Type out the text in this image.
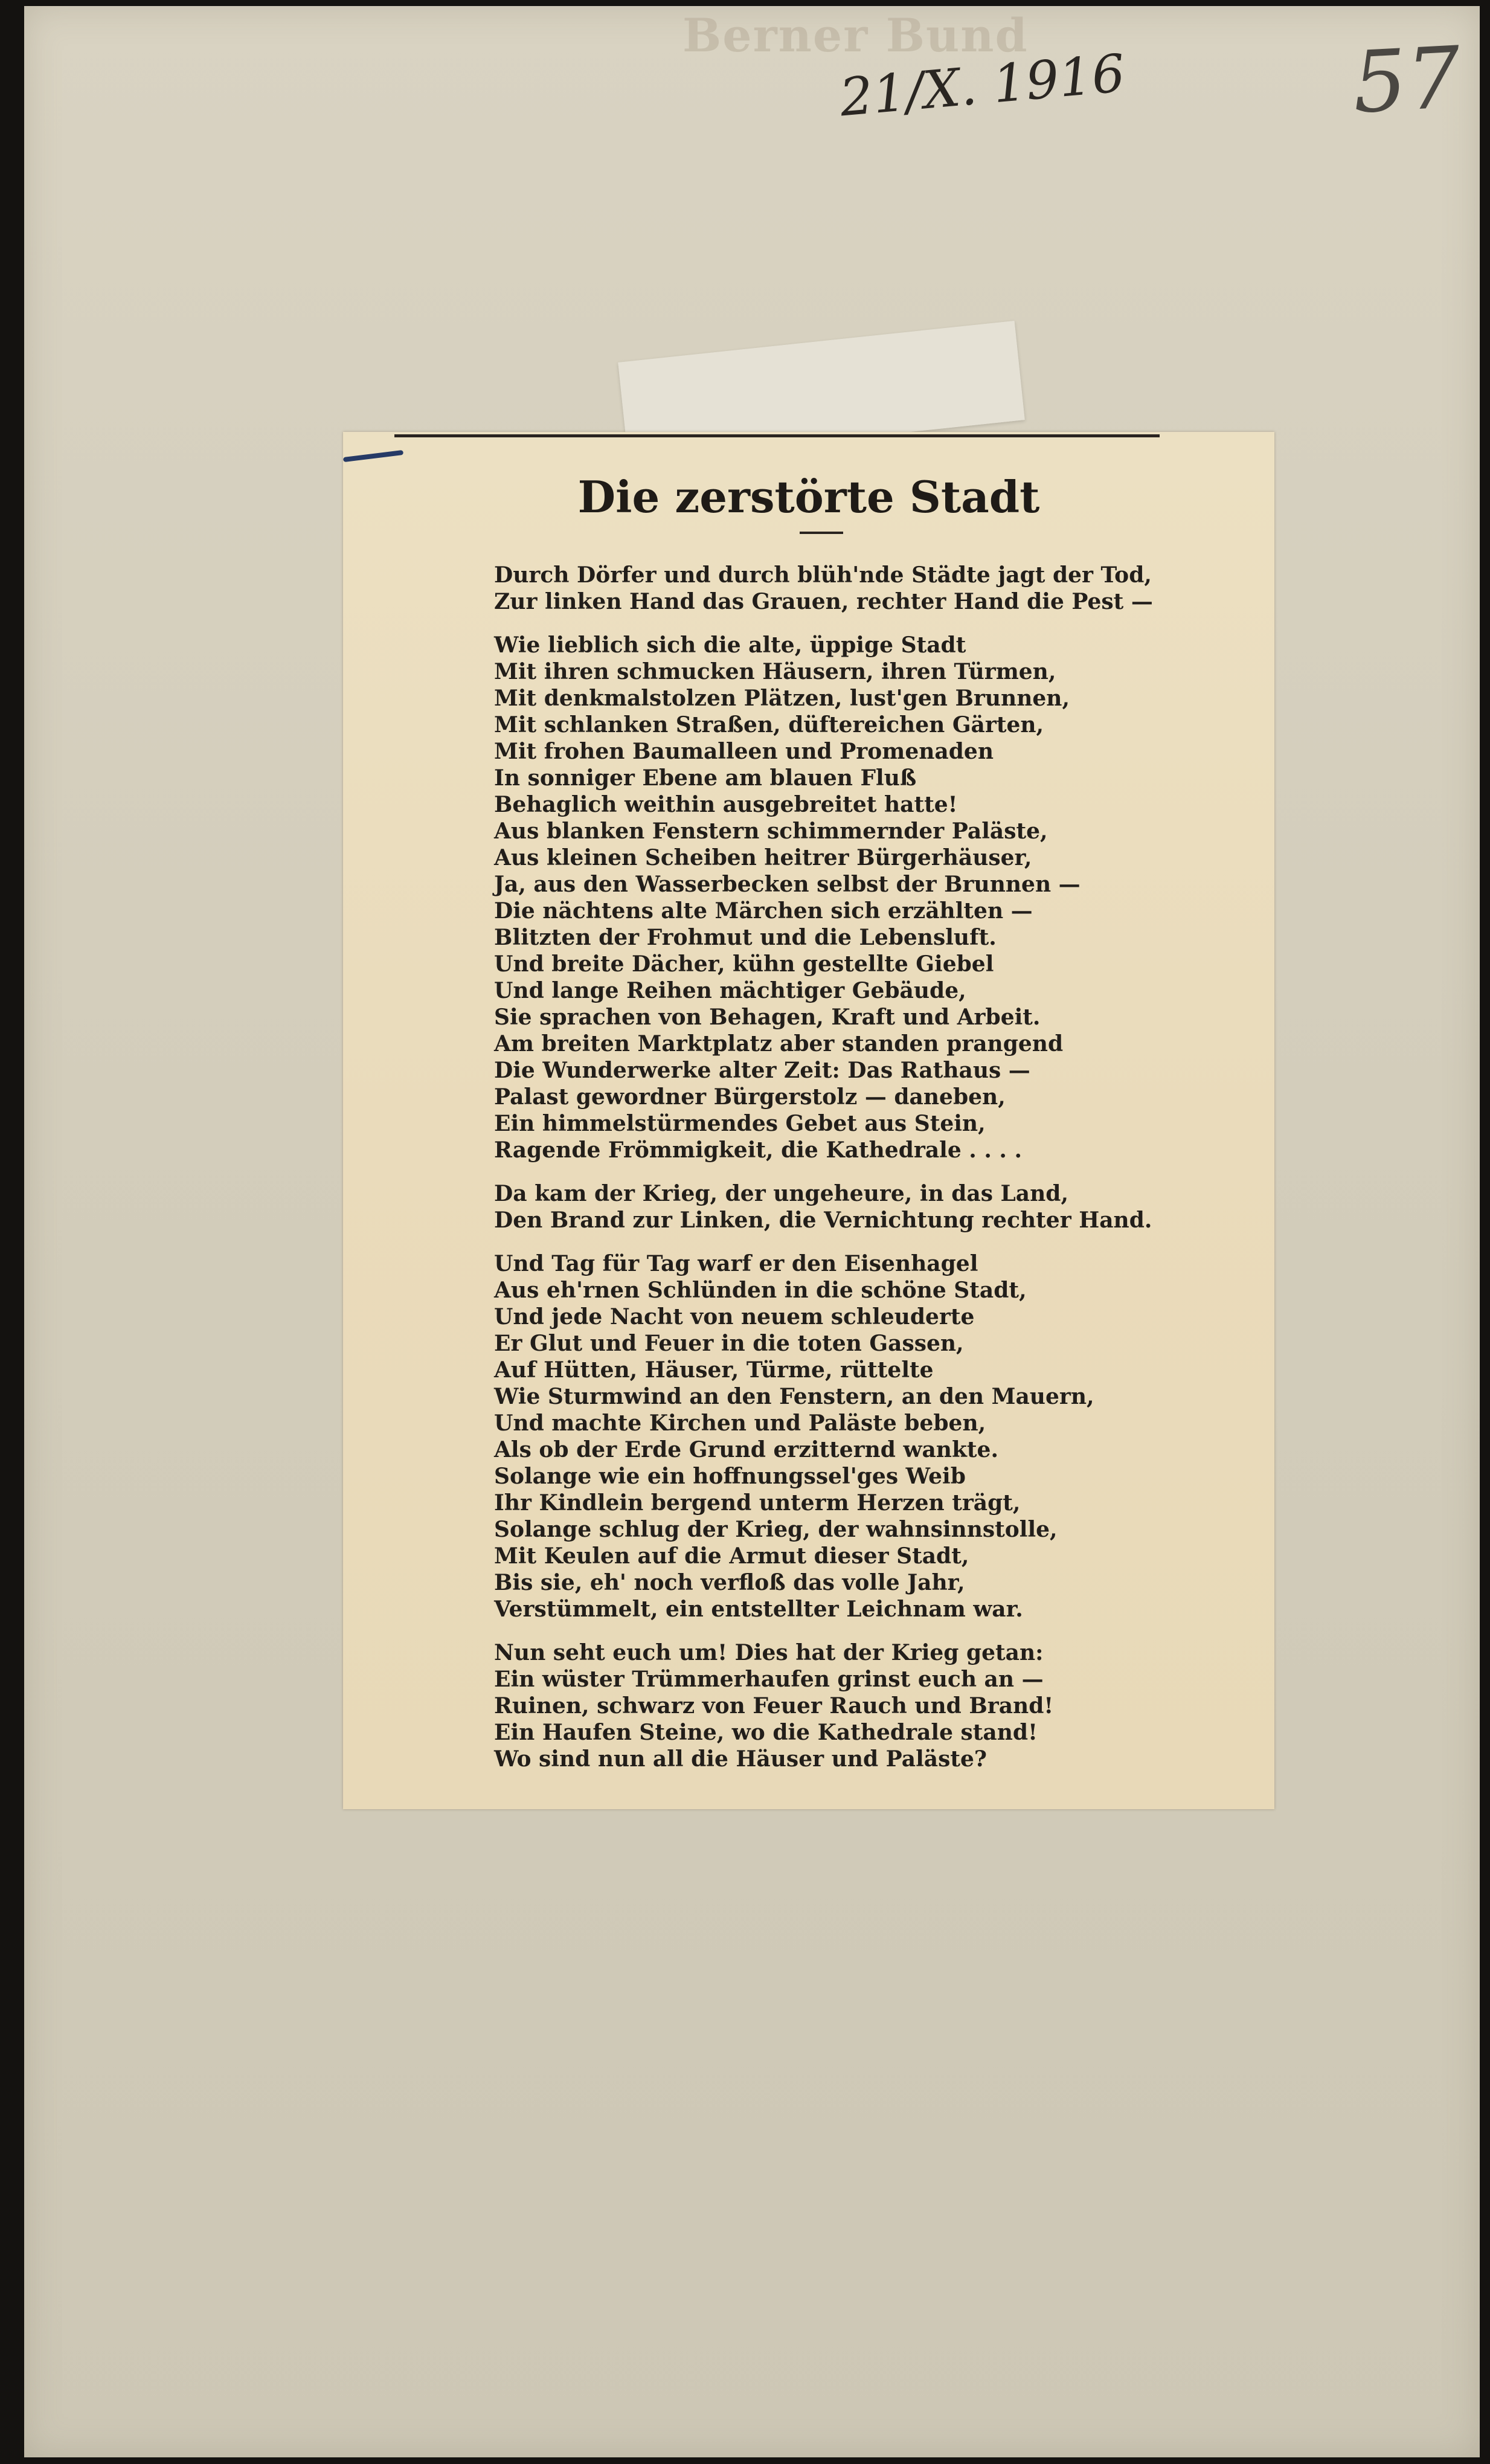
Berner Bund
21/X. 1916	57
Die zerstörte Stadt
Durch Dörfer und durch blüh'nde Städte jagt der Tod,
Zur linken Hand das Grauen, rechter Hand die Pest —
Wie lieblich sich die alte, üppige Stadt
Mit ihren schmucken Häusern, ihren Türmen,
Mit denkmalstolzen Plätzen, lust'gen Brunnen,
Mit schlanken Straßen, düftereichen Gärten,
Mit frohen Baumalleen und Promenaden
In sonniger Ebene am blauen Fluß
Behaglich weithin ausgebreitet hatte!
Aus blanken Fenstern schimmernder Paläste,
Aus kleinen Scheiben heitrer Bürgerhäuser,
Ja, aus den Wasserbecken selbst der Brunnen —
Die nächtens alte Märchen sich erzählten —
Blitzten der Frohmut und die Lebensluft.
Und breite Dächer, kühn gestellte Giebel
Und lange Reihen mächtiger Gebäude,
Sie sprachen von Behagen, Kraft und Arbeit.
Am breiten Marktplatz aber standen prangend
Die Wunderwerke alter Zeit: Das Rathaus —
Palast gewordner Bürgerstolz — daneben,
Ein himmelstürmendes Gebet aus Stein,
Ragende Frömmigkeit, die Kathedrale . . . .
Da kam der Krieg, der ungeheure, in das Land,
Den Brand zur Linken, die Vernichtung rechter Hand.
Und Tag für Tag warf er den Eisenhagel
Aus eh'rnen Schlünden in die schöne Stadt,
Und jede Nacht von neuem schleuderte
Er Glut und Feuer in die toten Gassen,
Auf Hütten, Häuser, Türme, rüttelte
Wie Sturmwind an den Fenstern, an den Mauern,
Und machte Kirchen und Paläste beben,
Als ob der Erde Grund erzitternd wankte.
Solange wie ein hoffnungssel'ges Weib
Ihr Kindlein bergend unterm Herzen trägt,
Solange schlug der Krieg, der wahnsinnstolle,
Mit Keulen auf die Armut dieser Stadt,
Bis sie, eh' noch verfloß das volle Jahr,
Verstümmelt, ein entstellter Leichnam war.
Nun seht euch um! Dies hat der Krieg getan:
Ein wüster Trümmerhaufen grinst euch an —
Ruinen, schwarz von Feuer Rauch und Brand!
Ein Haufen Steine, wo die Kathedrale stand!
Wo sind nun all die Häuser und Paläste?
